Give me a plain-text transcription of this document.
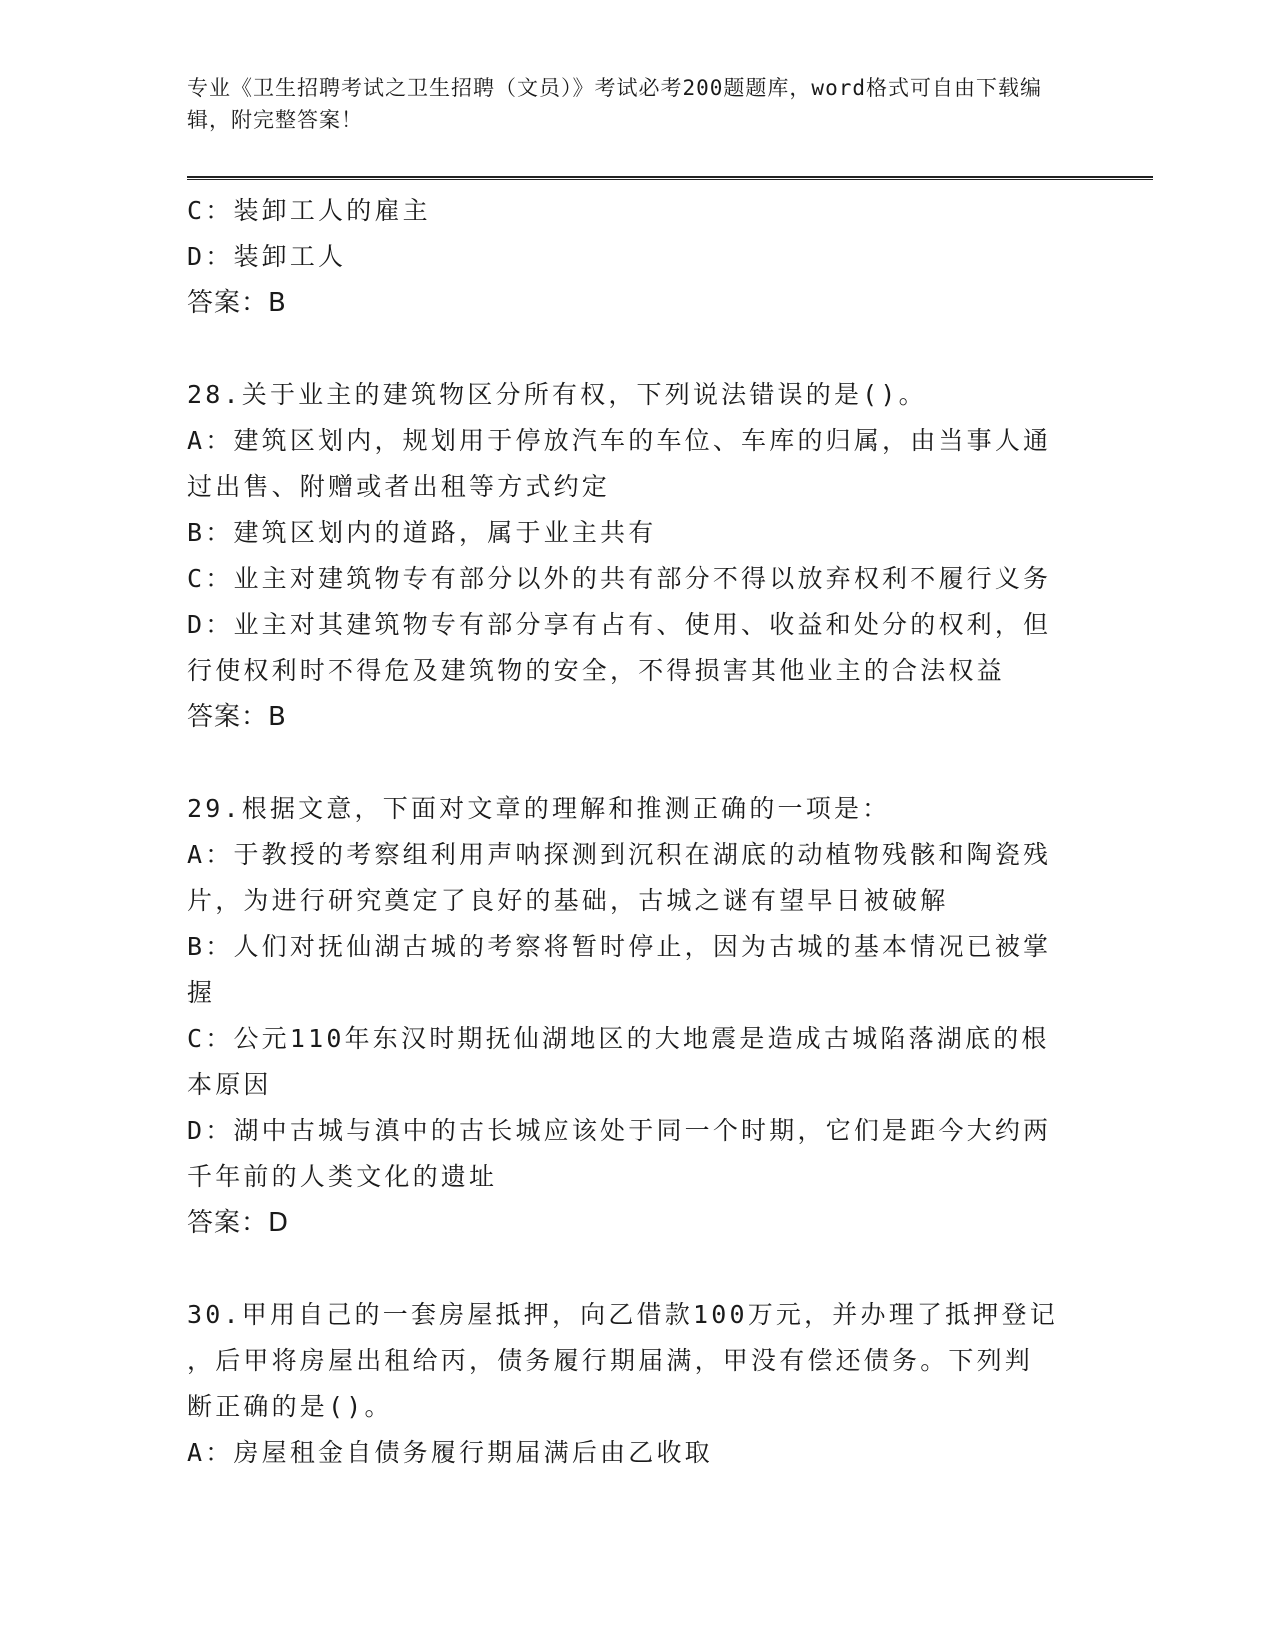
专业《卫生招聘考试之卫生招聘（文员）》考试必考200题题库，word格式可自由下载编辑，附完整答案！

C：装卸工人的雇主

D：装卸工人

答案：B

28.关于业主的建筑物区分所有权，下列说法错误的是()。

A：建筑区划内，规划用于停放汽车的车位、车库的归属，由当事人通

过出售、附赠或者出租等方式约定

B：建筑区划内的道路，属于业主共有

C：业主对建筑物专有部分以外的共有部分不得以放弃权利不履行义务

D：业主对其建筑物专有部分享有占有、使用、收益和处分的权利，但

行使权利时不得危及建筑物的安全，不得损害其他业主的合法权益

答案：B

29.根据文意，下面对文章的理解和推测正确的一项是：

A：于教授的考察组利用声呐探测到沉积在湖底的动植物残骸和陶瓷残

片，为进行研究奠定了良好的基础，古城之谜有望早日被破解

B：人们对抚仙湖古城的考察将暂时停止，因为古城的基本情况已被掌

握

C：公元110年东汉时期抚仙湖地区的大地震是造成古城陷落湖底的根

本原因

D：湖中古城与滇中的古长城应该处于同一个时期，它们是距今大约两

千年前的人类文化的遗址

答案：D

30.甲用自己的一套房屋抵押，向乙借款100万元，并办理了抵押登记

，后甲将房屋出租给丙，债务履行期届满，甲没有偿还债务。下列判

断正确的是()。

A：房屋租金自债务履行期届满后由乙收取
